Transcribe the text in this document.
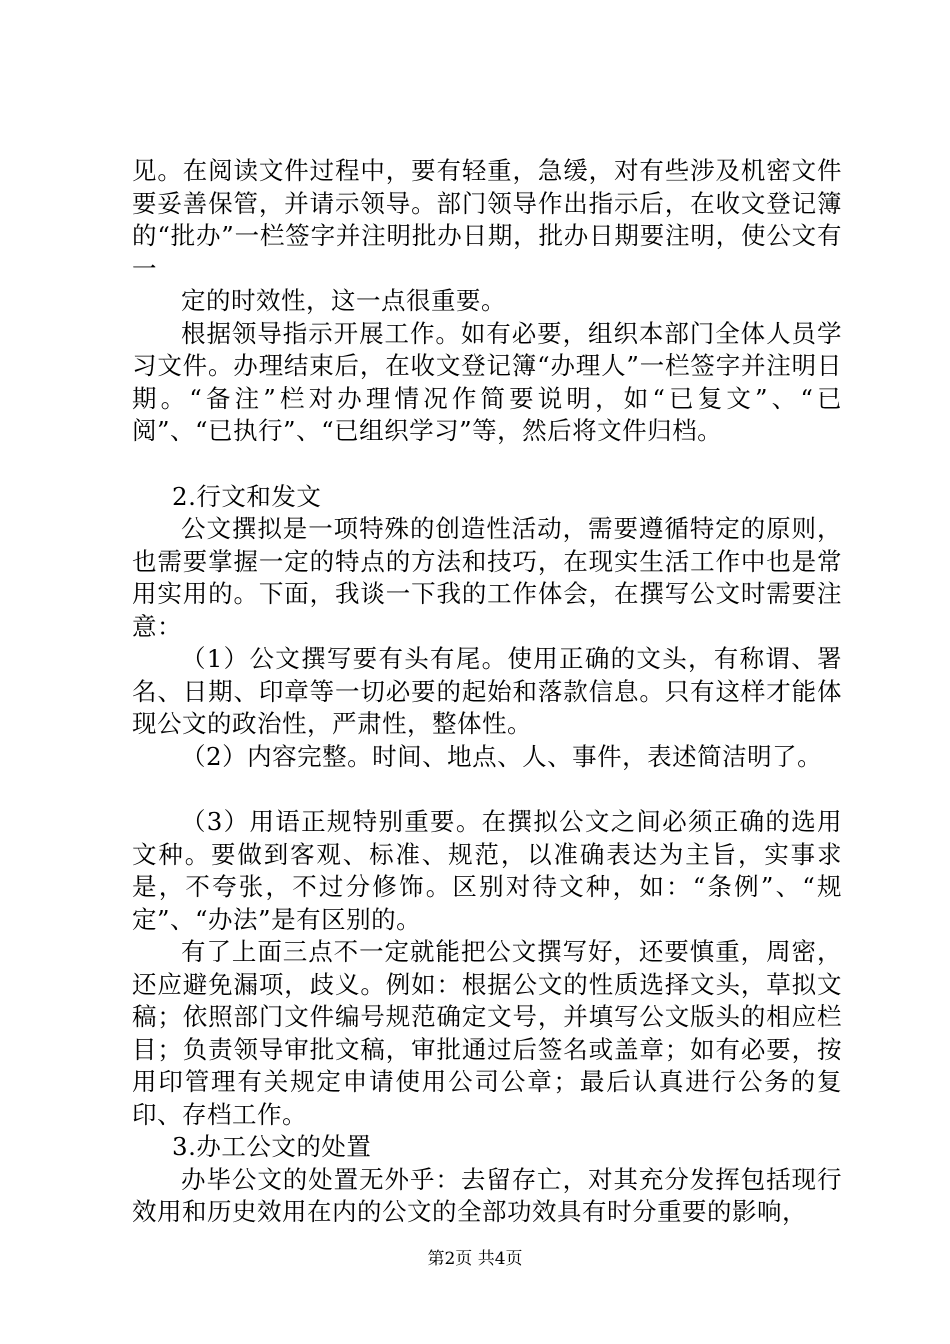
见。在阅读文件过程中，要有轻重，急缓，对有些涉及机密文件要妥善保管，并请示领导。部门领导作出指示后，在收文登记簿的“批办”一栏签字并注明批办日期，批办日期要注明，使公文有一

定的时效性，这一点很重要。

根据领导指示开展工作。如有必要，组织本部门全体人员学习文件。办理结束后，在收文登记簿“办理人”一栏签字并注明日期。“备注”栏对办理情况作简要说明，如“已复文”、“已阅”、“已执行”、“已组织学习”等，然后将文件归档。

2.行文和发文

公文撰拟是一项特殊的创造性活动，需要遵循特定的原则，也需要掌握一定的特点的方法和技巧，在现实生活工作中也是常用实用的。下面，我谈一下我的工作体会，在撰写公文时需要注意：

（1）公文撰写要有头有尾。使用正确的文头，有称谓、署名、日期、印章等一切必要的起始和落款信息。只有这样才能体现公文的政治性，严肃性，整体性。

（2）内容完整。时间、地点、人、事件，表述简洁明了。

（3）用语正规特别重要。在撰拟公文之间必须正确的选用文种。要做到客观、标准、规范，以准确表达为主旨，实事求是，不夸张，不过分修饰。区别对待文种，如：“条例”、“规定”、“办法”是有区别的。

有了上面三点不一定就能把公文撰写好，还要慎重，周密，还应避免漏项，歧义。例如：根据公文的性质选择文头，草拟文稿；依照部门文件编号规范确定文号，并填写公文版头的相应栏目；负责领导审批文稿，审批通过后签名或盖章；如有必要，按用印管理有关规定申请使用公司公章；最后认真进行公务的复印、存档工作。

3.办工公文的处置

办毕公文的处置无外乎：去留存亡，对其充分发挥包括现行效用和历史效用在内的公文的全部功效具有时分重要的影响，

第2页 共4页
